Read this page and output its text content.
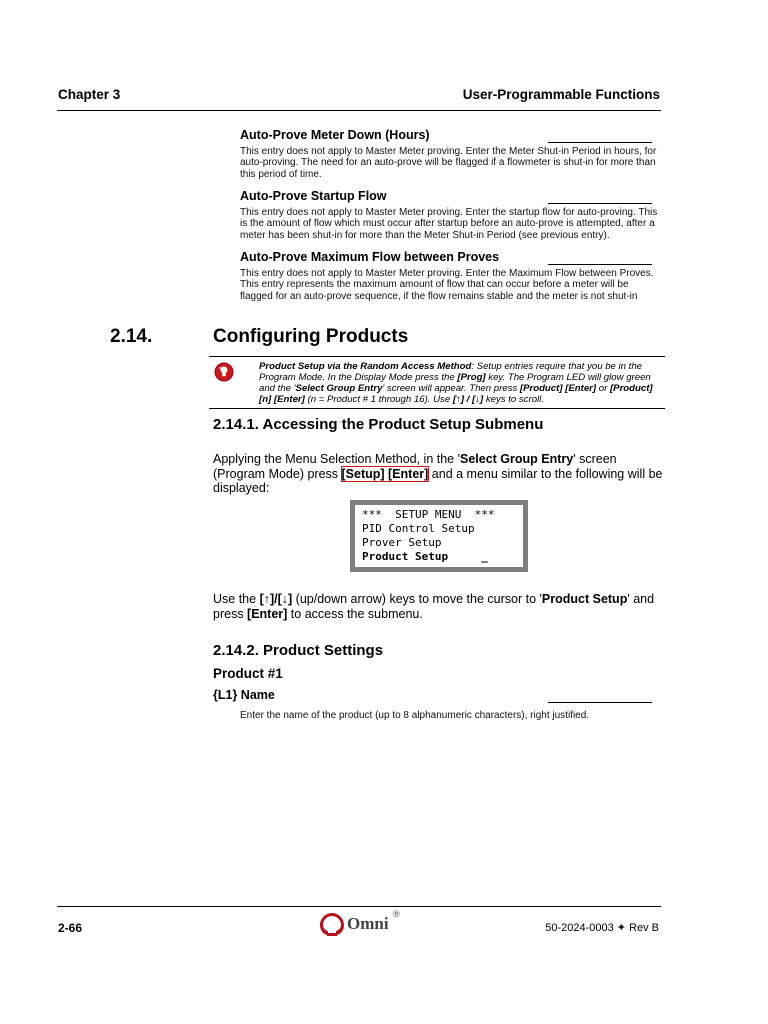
Chapter 3	User-Programmable Functions
Auto-Prove Meter Down (Hours)
This entry does not apply to Master Meter proving. Enter the Meter Shut-in Period in hours, for
auto-proving. The need for an auto-prove will be flagged if a flowmeter is shut-in for more than
this period of time.
Auto-Prove Startup Flow
This entry does not apply to Master Meter proving. Enter the startup flow for auto-proving. This
is the amount of flow which must occur after startup before an auto-prove is attempted, after a
meter has been shut-in for more than the Meter Shut-in Period (see previous entry).
Auto-Prove Maximum Flow between Proves
This entry does not apply to Master Meter proving. Enter the Maximum Flow between Proves.
This entry represents the maximum amount of flow that can occur before a meter will be
flagged for an auto-prove sequence, if the flow remains stable and the meter is not shut-in
2.14.	Configuring Products
Product Setup via the Random Access Method: Setup entries require that you be in the Program Mode. In the Display Mode press the [Prog] key. The Program LED will glow green and the 'Select Group Entry' screen will appear. Then press [Product] [Enter] or [Product] [n] [Enter] (n = Product # 1 through 16). Use [↑] / [↓] keys to scroll.
2.14.1. Accessing the Product Setup Submenu
Applying the Menu Selection Method, in the 'Select Group Entry' screen (Program Mode) press [Setup] [Enter] and a menu similar to the following will be displayed:
***  SETUP MENU  ***
PID Control Setup
Prover Setup
Product Setup     _
Use the [↑]/[↓] (up/down arrow) keys to move the cursor to 'Product Setup' and press [Enter] to access the submenu.
2.14.2. Product Settings
Product #1
{L1} Name
Enter the name of the product (up to 8 alphanumeric characters), right justified.
2-66	Omni ®
50-2024-0003 ✦ Rev B
